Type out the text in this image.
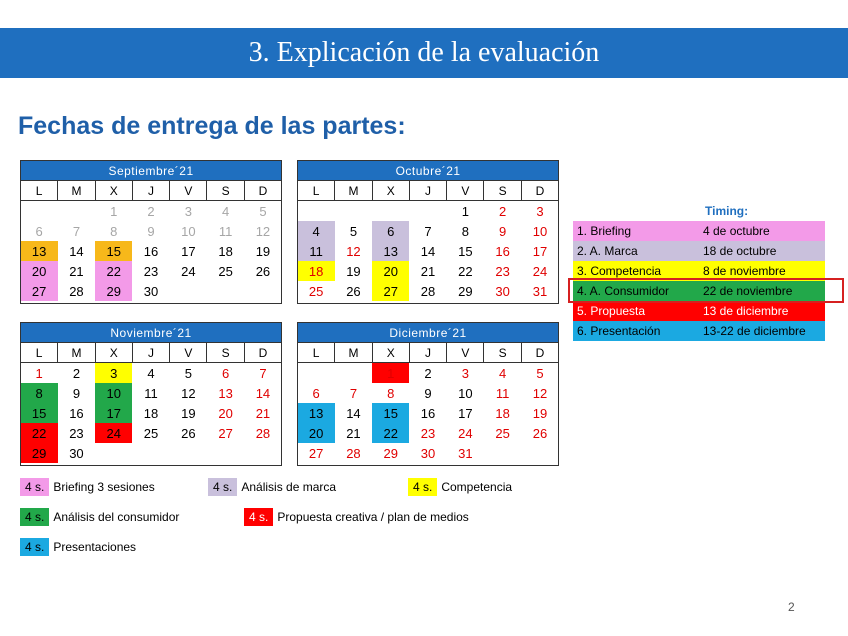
3. Explicación de la evaluación
Fechas de entrega de las partes:
Septiembre´21						
L	M	X	J	V	S	D
		1	2	3	4	5
6	7	8	9	10	11	12
13	14	15	16	17	18	19
20	21	22	23	24	25	26
27	28	29	30			
Octubre´21						
L	M	X	J	V	S	D
				1	2	3
4	5	6	7	8	9	10
11	12	13	14	15	16	17
18	19	20	21	22	23	24
25	26	27	28	29	30	31
Noviembre´21						
L	M	X	J	V	S	D
1	2	3	4	5	6	7
8	9	10	11	12	13	14
15	16	17	18	19	20	21
22	23	24	25	26	27	28
29	30					
Diciembre´21						
L	M	X	J	V	S	D
		1	2	3	4	5
6	7	8	9	10	11	12
13	14	15	16	17	18	19
20	21	22	23	24	25	26
27	28	29	30	31		
Timing:
1. Briefing	4 de octubre
2. A. Marca	18 de octubre
3. Competencia	8 de noviembre
4. A. Consumidor	22 de noviembre
5. Propuesta	13 de diciembre
6. Presentación	13-22 de diciembre
4 s. Briefing 3 sesiones	4 s. Análisis de marca	4 s. Competencia
4 s. Análisis del consumidor	4 s. Propuesta creativa / plan de medios
4 s. Presentaciones
2
